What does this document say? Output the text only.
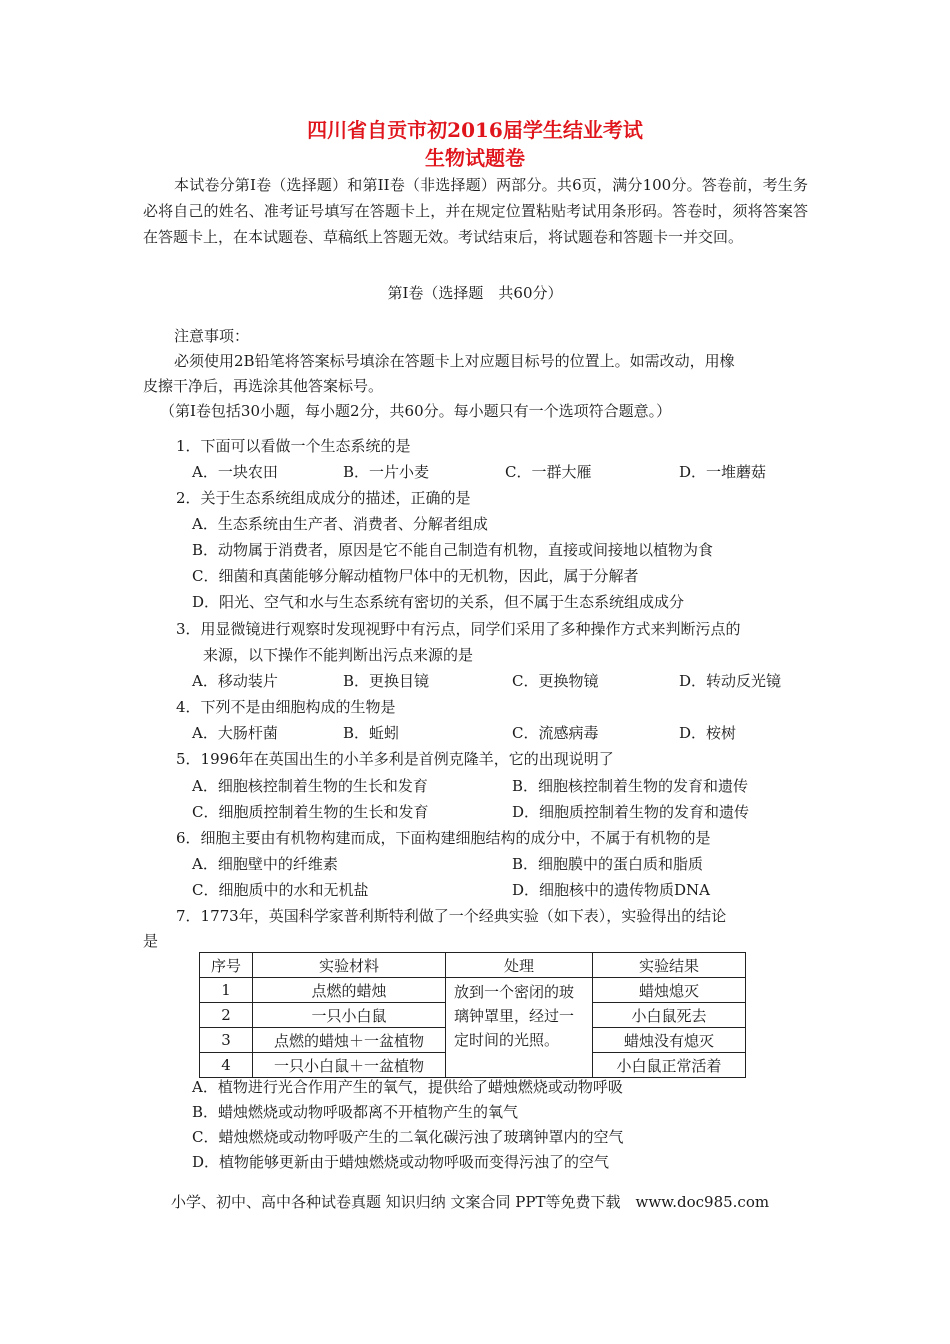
四川省自贡市初2016届学生结业考试
生物试题卷
本试卷分第Ⅰ卷（选择题）和第II卷（非选择题）两部分。共6页，满分100分。答卷前，考生务必将自己的姓名、准考证号填写在答题卡上，并在规定位置粘贴考试用条形码。答卷时，须将答案答在答题卡上，在本试题卷、草稿纸上答题无效。考试结束后，将试题卷和答题卡一并交回。
第Ⅰ卷（选择题　共60分）
注意事项：
必须使用2B铅笔将答案标号填涂在答题卡上对应题目标号的位置上。如需改动，用橡
皮擦干净后，再选涂其他答案标号。
（第Ⅰ卷包括30小题，每小题2分，共60分。每小题只有一个选项符合题意。）
1．下面可以看做一个生态系统的是
A．一块农田	B．一片小麦	C．一群大雁	D．一堆蘑菇
2．关于生态系统组成成分的描述，正确的是
A．生态系统由生产者、消费者、分解者组成
B．动物属于消费者，原因是它不能自己制造有机物，直接或间接地以植物为食
C．细菌和真菌能够分解动植物尸体中的无机物，因此，属于分解者
D．阳光、空气和水与生态系统有密切的关系，但不属于生态系统组成成分
3．用显微镜进行观察时发现视野中有污点，同学们采用了多种操作方式来判断污点的
来源，以下操作不能判断出污点来源的是
A．移动装片	B．更换目镜	C．更换物镜	D．转动反光镜
4．下列不是由细胞构成的生物是
A．大肠杆菌	B．蚯蚓	C．流感病毒	D．桉树
5．1996年在英国出生的小羊多利是首例克隆羊，它的出现说明了
A．细胞核控制着生物的生长和发育	B．细胞核控制着生物的发育和遗传
C．细胞质控制着生物的生长和发育	D．细胞质控制着生物的发育和遗传
6．细胞主要由有机物构建而成，下面构建细胞结构的成分中，不属于有机物的是
A．细胞壁中的纤维素	B．细胞膜中的蛋白质和脂质
C．细胞质中的水和无机盐	D．细胞核中的遗传物质DNA
7．1773年，英国科学家普利斯特利做了一个经典实验（如下表），实验得出的结论
是
序号	实验材料	处理	实验结果
1	点燃的蜡烛	放到一个密闭的玻璃钟罩里，经过一定时间的光照。	蜡烛熄灭
2	一只小白鼠		小白鼠死去
3	点燃的蜡烛＋一盆植物		蜡烛没有熄灭
4	一只小白鼠＋一盆植物		小白鼠正常活着
A．植物进行光合作用产生的氧气，提供给了蜡烛燃烧或动物呼吸
B．蜡烛燃烧或动物呼吸都离不开植物产生的氧气
C．蜡烛燃烧或动物呼吸产生的二氧化碳污浊了玻璃钟罩内的空气
D．植物能够更新由于蜡烛燃烧或动物呼吸而变得污浊了的空气
小学、初中、高中各种试卷真题 知识归纳 文案合同 PPT等免费下载　www.doc985.com
